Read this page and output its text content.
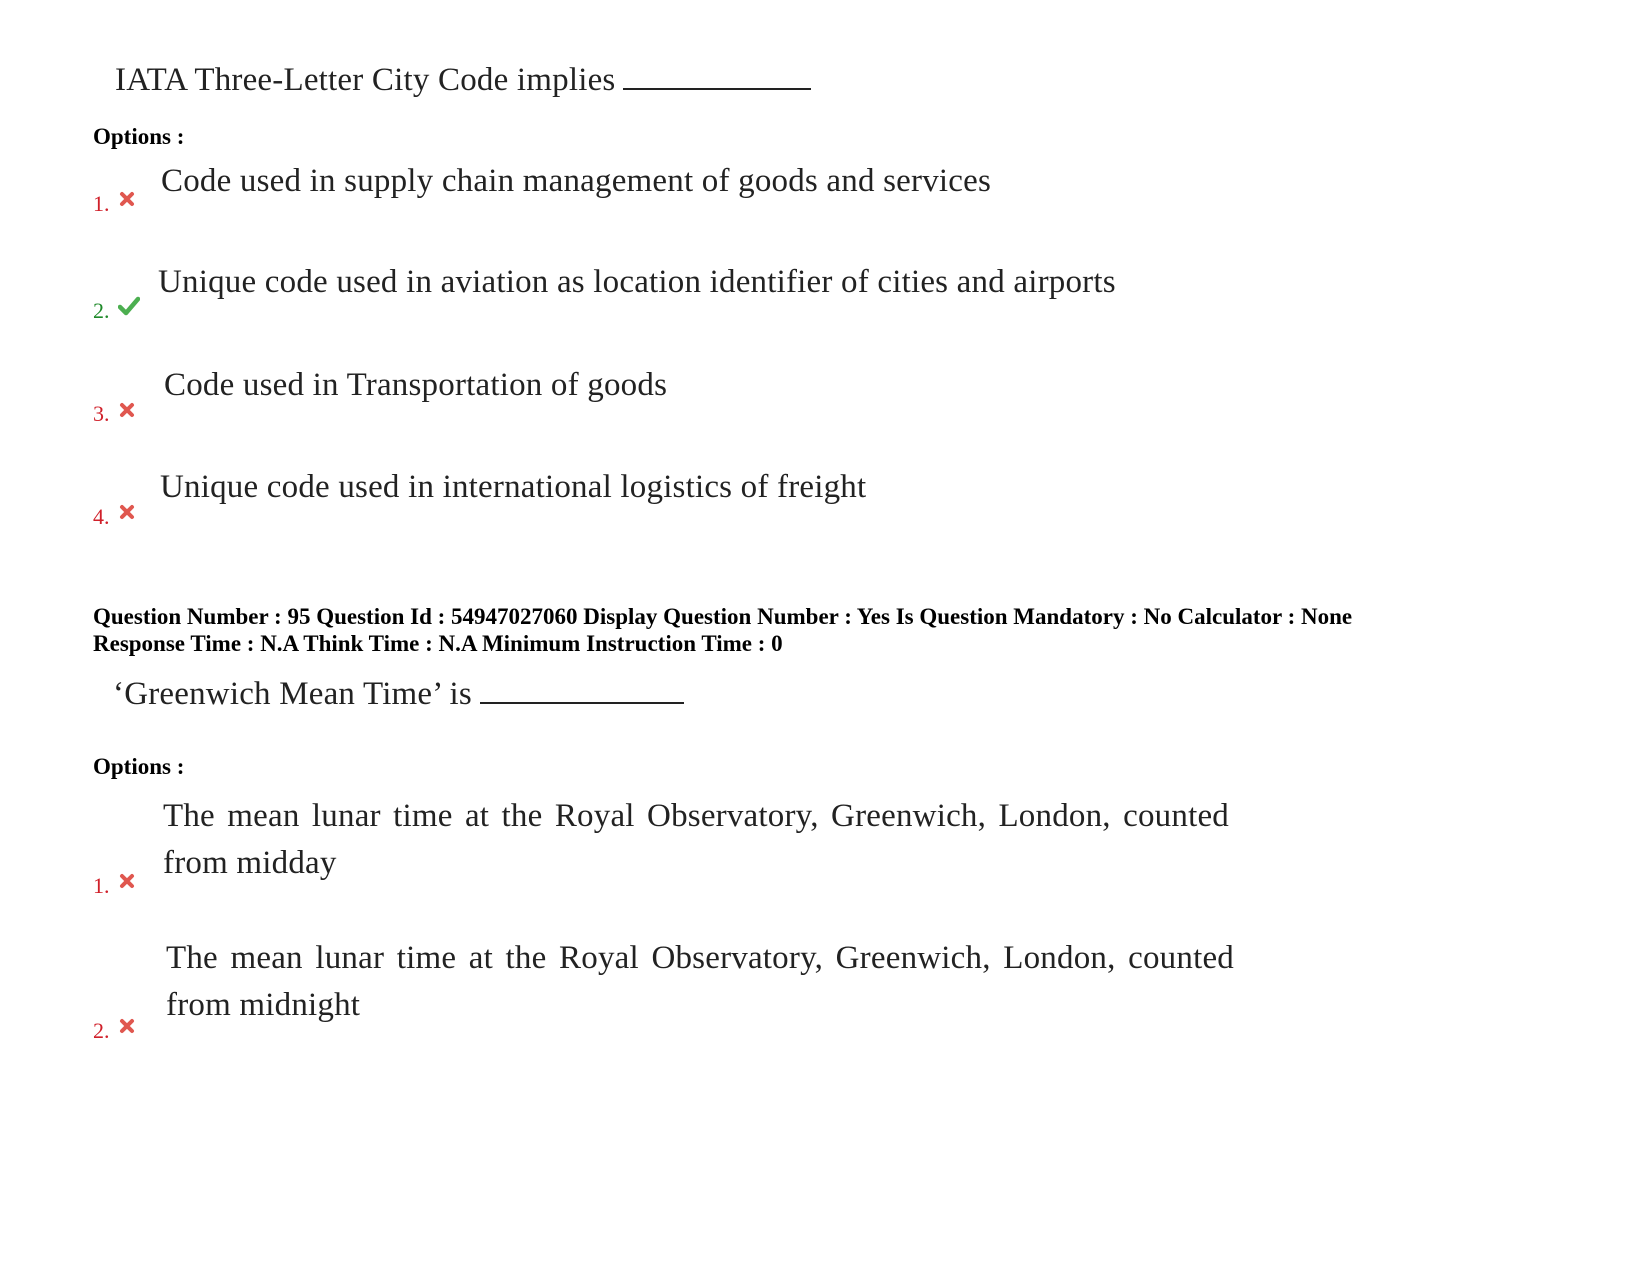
IATA Three-Letter City Code implies
Options :
1.
Code used in supply chain management of goods and services
2.
Unique code used in aviation as location identifier of cities and airports
3.
Code used in Transportation of goods
4.
Unique code used in international logistics of freight
Question Number : 95 Question Id : 54947027060 Display Question Number : Yes Is Question Mandatory : No Calculator : None
Response Time : N.A Think Time : N.A Minimum Instruction Time : 0
‘Greenwich Mean Time’ is
Options :
1.
The mean lunar time at the Royal Observatory, Greenwich, London, counted from midday
2.
The mean lunar time at the Royal Observatory, Greenwich, London, counted from midnight
